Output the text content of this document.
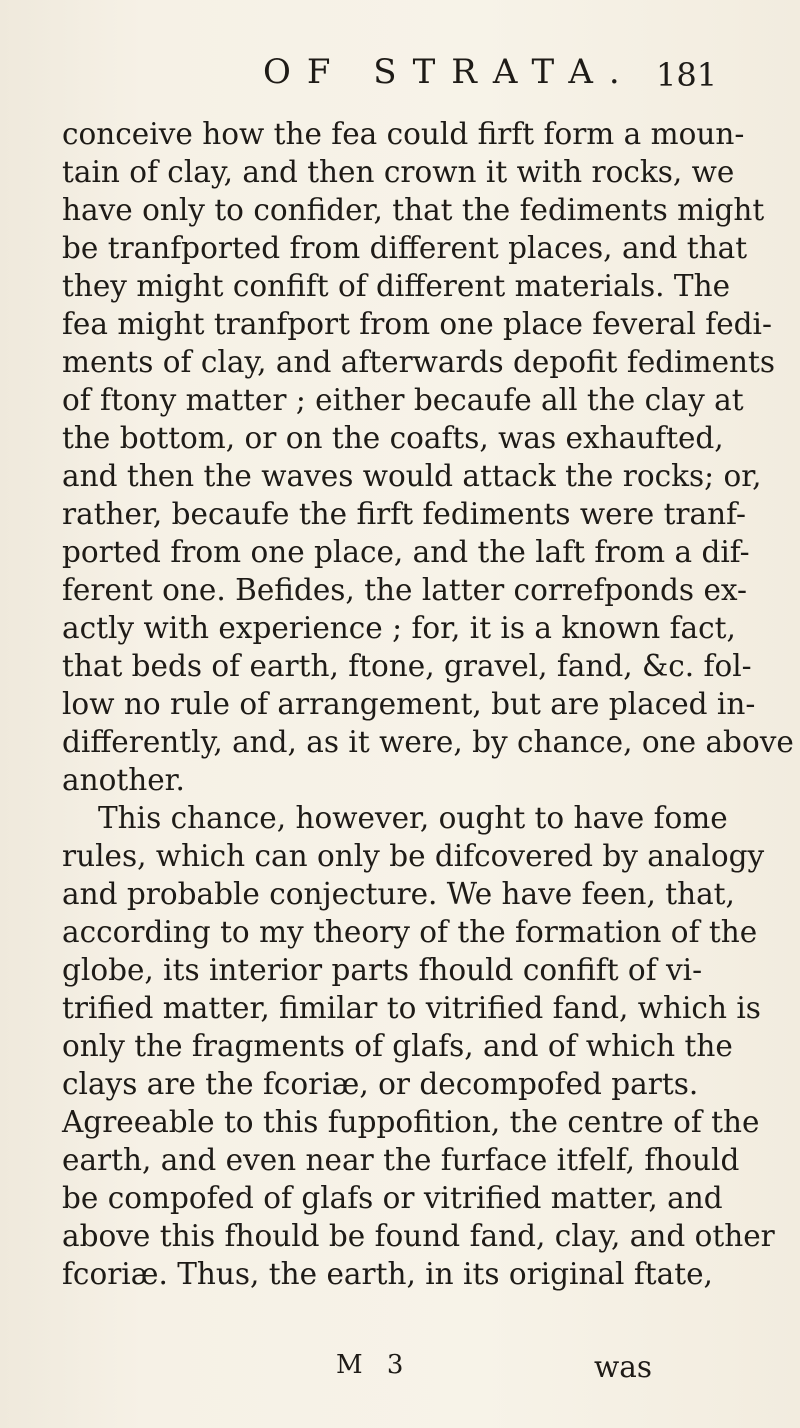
OF STRATA. 181
conceive how the fea could firft form a moun-
tain of clay, and then crown it with rocks, we
have only to confider, that the fediments might
be tranfported from different places, and that
they might confift of different materials. The
fea might tranfport from one place feveral fedi-
ments of clay, and afterwards depofit fediments
of ftony matter ; either becaufe all the clay at
the bottom, or on the coafts, was exhaufted,
and then the waves would attack the rocks; or,
rather, becaufe the firft fediments were tranf-
ported from one place, and the laft from a dif-
ferent one. Befides, the latter correfponds ex-
actly with experience ; for, it is a known fact,
that beds of earth, ftone, gravel, fand, &c. fol-
low no rule of arrangement, but are placed in-
differently, and, as it were, by chance, one above
another.
This chance, however, ought to have fome
rules, which can only be difcovered by analogy
and probable conjecture. We have feen, that,
according to my theory of the formation of the
globe, its interior parts fhould confift of vi-
trified matter, fimilar to vitrified fand, which is
only the fragments of glafs, and of which the
clays are the fcoriæ, or decompofed parts.
Agreeable to this fuppofition, the centre of the
earth, and even near the furface itfelf, fhould
be compofed of glafs or vitrified matter, and
above this fhould be found fand, clay, and other
fcoriæ. Thus, the earth, in its original ftate,
M 3	was
